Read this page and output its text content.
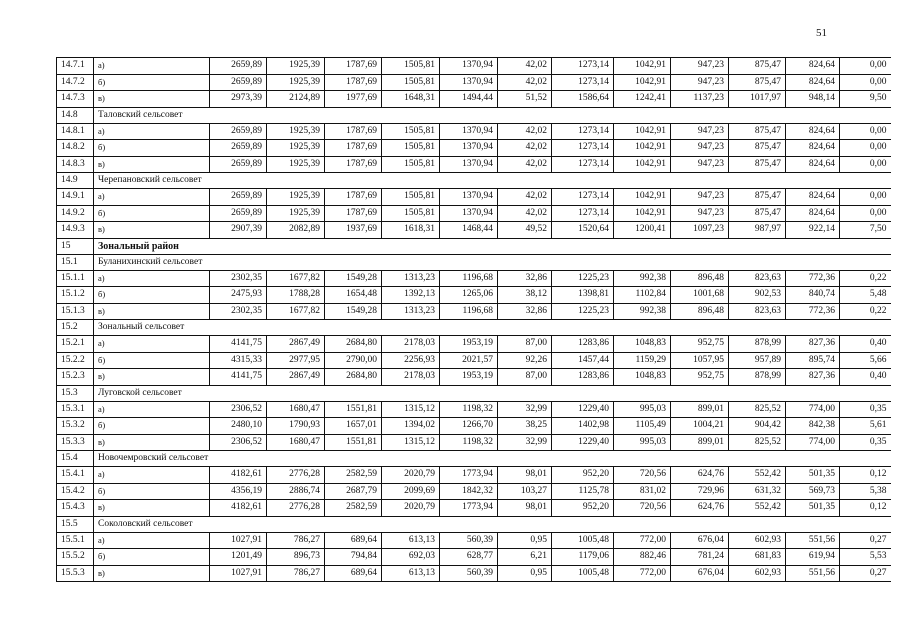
51
14.7.1	а)	2659,89	1925,39	1787,69	1505,81	1370,94	42,02	1273,14	1042,91	947,23	875,47	824,64	0,00
14.7.2	б)	2659,89	1925,39	1787,69	1505,81	1370,94	42,02	1273,14	1042,91	947,23	875,47	824,64	0,00
14.7.3	в)	2973,39	2124,89	1977,69	1648,31	1494,44	51,52	1586,64	1242,41	1137,23	1017,97	948,14	9,50
14.8	Таловский сельсовет												
14.8.1	а)	2659,89	1925,39	1787,69	1505,81	1370,94	42,02	1273,14	1042,91	947,23	875,47	824,64	0,00
14.8.2	б)	2659,89	1925,39	1787,69	1505,81	1370,94	42,02	1273,14	1042,91	947,23	875,47	824,64	0,00
14.8.3	в)	2659,89	1925,39	1787,69	1505,81	1370,94	42,02	1273,14	1042,91	947,23	875,47	824,64	0,00
14.9	Черепановский сельсовет												
14.9.1	а)	2659,89	1925,39	1787,69	1505,81	1370,94	42,02	1273,14	1042,91	947,23	875,47	824,64	0,00
14.9.2	б)	2659,89	1925,39	1787,69	1505,81	1370,94	42,02	1273,14	1042,91	947,23	875,47	824,64	0,00
14.9.3	в)	2907,39	2082,89	1937,69	1618,31	1468,44	49,52	1520,64	1200,41	1097,23	987,97	922,14	7,50
15	Зональный район												
15.1	Буланихинский сельсовет												
15.1.1	а)	2302,35	1677,82	1549,28	1313,23	1196,68	32,86	1225,23	992,38	896,48	823,63	772,36	0,22
15.1.2	б)	2475,93	1788,28	1654,48	1392,13	1265,06	38,12	1398,81	1102,84	1001,68	902,53	840,74	5,48
15.1.3	в)	2302,35	1677,82	1549,28	1313,23	1196,68	32,86	1225,23	992,38	896,48	823,63	772,36	0,22
15.2	Зональный сельсовет												
15.2.1	а)	4141,75	2867,49	2684,80	2178,03	1953,19	87,00	1283,86	1048,83	952,75	878,99	827,36	0,40
15.2.2	б)	4315,33	2977,95	2790,00	2256,93	2021,57	92,26	1457,44	1159,29	1057,95	957,89	895,74	5,66
15.2.3	в)	4141,75	2867,49	2684,80	2178,03	1953,19	87,00	1283,86	1048,83	952,75	878,99	827,36	0,40
15.3	Луговской сельсовет												
15.3.1	а)	2306,52	1680,47	1551,81	1315,12	1198,32	32,99	1229,40	995,03	899,01	825,52	774,00	0,35
15.3.2	б)	2480,10	1790,93	1657,01	1394,02	1266,70	38,25	1402,98	1105,49	1004,21	904,42	842,38	5,61
15.3.3	в)	2306,52	1680,47	1551,81	1315,12	1198,32	32,99	1229,40	995,03	899,01	825,52	774,00	0,35
15.4	Новочемровский сельсовет												
15.4.1	а)	4182,61	2776,28	2582,59	2020,79	1773,94	98,01	952,20	720,56	624,76	552,42	501,35	0,12
15.4.2	б)	4356,19	2886,74	2687,79	2099,69	1842,32	103,27	1125,78	831,02	729,96	631,32	569,73	5,38
15.4.3	в)	4182,61	2776,28	2582,59	2020,79	1773,94	98,01	952,20	720,56	624,76	552,42	501,35	0,12
15.5	Соколовский сельсовет												
15.5.1	а)	1027,91	786,27	689,64	613,13	560,39	0,95	1005,48	772,00	676,04	602,93	551,56	0,27
15.5.2	б)	1201,49	896,73	794,84	692,03	628,77	6,21	1179,06	882,46	781,24	681,83	619,94	5,53
15.5.3	в)	1027,91	786,27	689,64	613,13	560,39	0,95	1005,48	772,00	676,04	602,93	551,56	0,27
